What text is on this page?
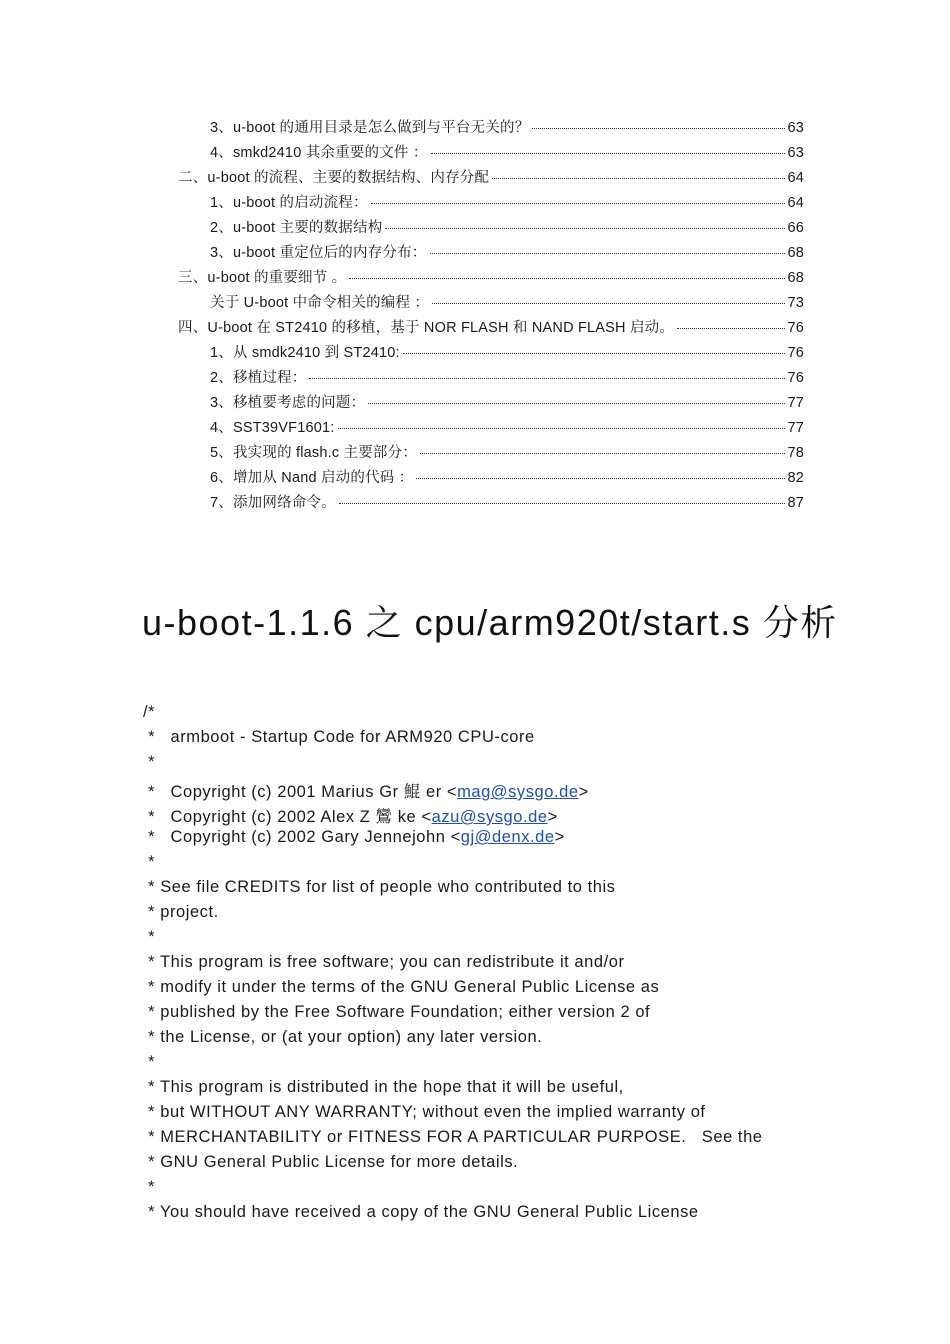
3、u-boot 的通用目录是怎么做到与平台无关的？	63
4、smkd2410 其余重要的文件 ：	63
二、u-boot 的流程、主要的数据结构、内存分配	64
1、u-boot 的启动流程：	64
2、u-boot 主要的数据结构	66
3、u-boot 重定位后的内存分布：	68
三、u-boot 的重要细节 。	68
关于 U-boot 中命令相关的编程 ：	73
四、U-boot 在 ST2410 的移植，基于 NOR FLASH 和 NAND FLASH 启动。	76
1、从 smdk2410 到 ST2410:	76
2、移植过程：	76
3、移植要考虑的问题：	77
4、SST39VF1601:	77
5、我实现的 flash.c 主要部分：	78
6、增加从 Nand 启动的代码 ：	82
7、添加网络命令。	87
u-boot-1.1.6 之 cpu/arm920t/start.s 分析
/*
*   armboot - Startup Code for ARM920 CPU-core
*
*   Copyright (c) 2001 Marius Gr 鯤 er <mag@sysgo.de>
*   Copyright (c) 2002 Alex Z 鸞 ke <azu@sysgo.de>
*   Copyright (c) 2002 Gary Jennejohn <gj@denx.de>
*
* See file CREDITS for list of people who contributed to this
* project.
*
* This program is free software; you can redistribute it and/or
* modify it under the terms of the GNU General Public License as
* published by the Free Software Foundation; either version 2 of
* the License, or (at your option) any later version.
*
* This program is distributed in the hope that it will be useful,
* but WITHOUT ANY WARRANTY; without even the implied warranty of
* MERCHANTABILITY or FITNESS FOR A PARTICULAR PURPOSE.   See the
* GNU General Public License for more details.
*
* You should have received a copy of the GNU General Public License
